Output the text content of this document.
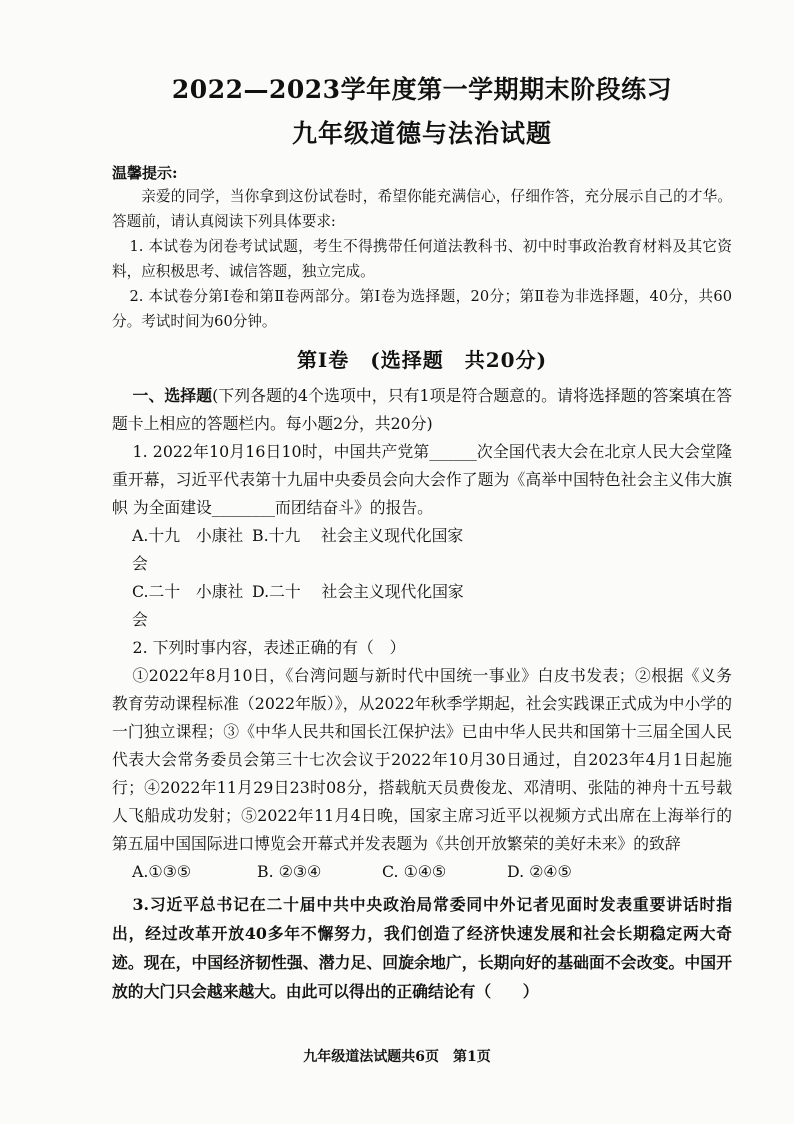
2022—2023学年度第一学期期末阶段练习
九年级道德与法治试题

温馨提示:

亲爱的同学，当你拿到这份试卷时，希望你能充满信心，仔细作答，充分展示自己的才华。答题前，请认真阅读下列具体要求:

1. 本试卷为闭卷考试试题，考生不得携带任何道法教科书、初中时事政治教育材料及其它资料，应积极思考、诚信答题，独立完成。

2. 本试卷分第Ⅰ卷和第Ⅱ卷两部分。第Ⅰ卷为选择题，20分；第Ⅱ卷为非选择题，40分，共60分。考试时间为60分钟。

第Ⅰ卷　(选择题　共20分)

一、选择题(下列各题的4个选项中，只有1项是符合题意的。请将选择题的答案填在答题卡上相应的答题栏内。每小题2分，共20分)

1. 2022年10月16日10时，中国共产党第______次全国代表大会在北京人民大会堂隆重开幕，习近平代表第十九届中央委员会向大会作了题为《高举中国特色社会主义伟大旗帜 为全面建设________而团结奋斗》的报告。

A.十九　小康社会
B.十九　 社会主义现代化国家
C.二十　小康社会
D.二十　 社会主义现代化国家

2. 下列时事内容，表述正确的有（　）

①2022年8月10日，《台湾问题与新时代中国统一事业》白皮书发表；②根据《义务教育劳动课程标准（2022年版）》，从2022年秋季学期起，社会实践课正式成为中小学的一门独立课程；③《中华人民共和国长江保护法》已由中华人民共和国第十三届全国人民代表大会常务委员会第三十七次会议于2022年10月30日通过，自2023年4月1日起施行；④2022年11月29日23时08分，搭载航天员费俊龙、邓清明、张陆的神舟十五号载人飞船成功发射；⑤2022年11月4日晚，国家主席习近平以视频方式出席在上海举行的第五届中国国际进口博览会开幕式并发表题为《共创开放繁荣的美好未来》的致辞

A.①③⑤	B. ②③④	C. ①④⑤	D. ②④⑤

3.习近平总书记在二十届中共中央政治局常委同中外记者见面时发表重要讲话时指出，经过改革开放40多年不懈努力，我们创造了经济快速发展和社会长期稳定两大奇迹。现在，中国经济韧性强、潜力足、回旋余地广，长期向好的基础面不会改变。中国开放的大门只会越来越大。由此可以得出的正确结论有（　　）

九年级道法试题共6页　第1页
